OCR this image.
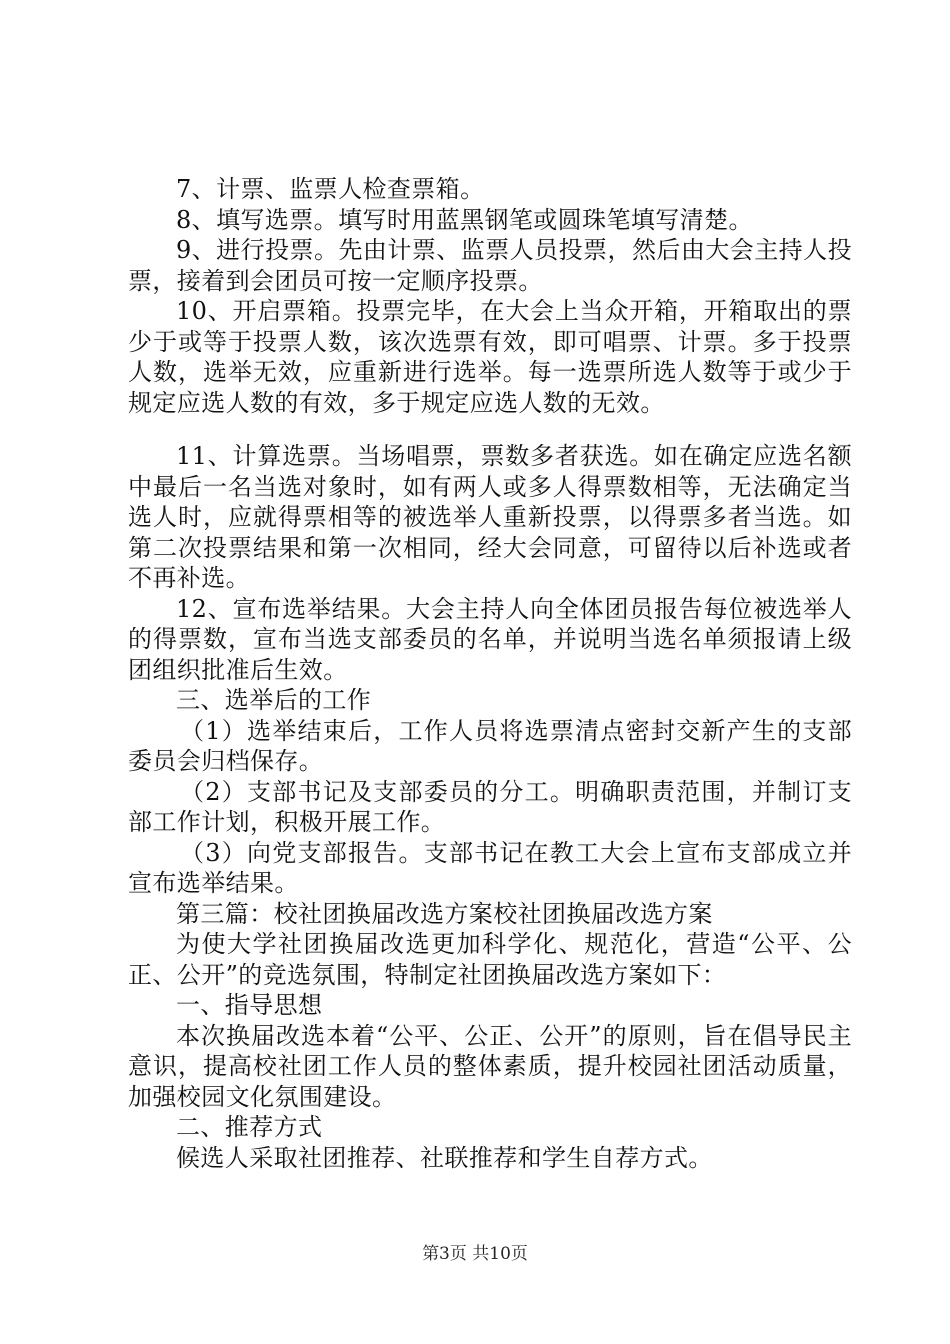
7、计票、监票人检查票箱。

8、填写选票。填写时用蓝黑钢笔或圆珠笔填写清楚。

9、进行投票。先由计票、监票人员投票，然后由大会主持人投票，接着到会团员可按一定顺序投票。

10、开启票箱。投票完毕，在大会上当众开箱，开箱取出的票少于或等于投票人数，该次选票有效，即可唱票、计票。多于投票人数，选举无效，应重新进行选举。每一选票所选人数等于或少于规定应选人数的有效，多于规定应选人数的无效。

11、计算选票。当场唱票，票数多者获选。如在确定应选名额中最后一名当选对象时，如有两人或多人得票数相等，无法确定当选人时，应就得票相等的被选举人重新投票，以得票多者当选。如第二次投票结果和第一次相同，经大会同意，可留待以后补选或者不再补选。

12、宣布选举结果。大会主持人向全体团员报告每位被选举人的得票数，宣布当选支部委员的名单，并说明当选名单须报请上级团组织批准后生效。

三、选举后的工作

（1）选举结束后，工作人员将选票清点密封交新产生的支部委员会归档保存。

（2）支部书记及支部委员的分工。明确职责范围，并制订支部工作计划，积极开展工作。

（3）向党支部报告。支部书记在教工大会上宣布支部成立并宣布选举结果。

第三篇：校社团换届改选方案校社团换届改选方案

为使大学社团换届改选更加科学化、规范化，营造“公平、公正、公开”的竞选氛围，特制定社团换届改选方案如下：

一、指导思想

本次换届改选本着“公平、公正、公开”的原则，旨在倡导民主意识，提高校社团工作人员的整体素质，提升校园社团活动质量，加强校园文化氛围建设。

二、推荐方式

候选人采取社团推荐、社联推荐和学生自荐方式。

第3页 共10页
